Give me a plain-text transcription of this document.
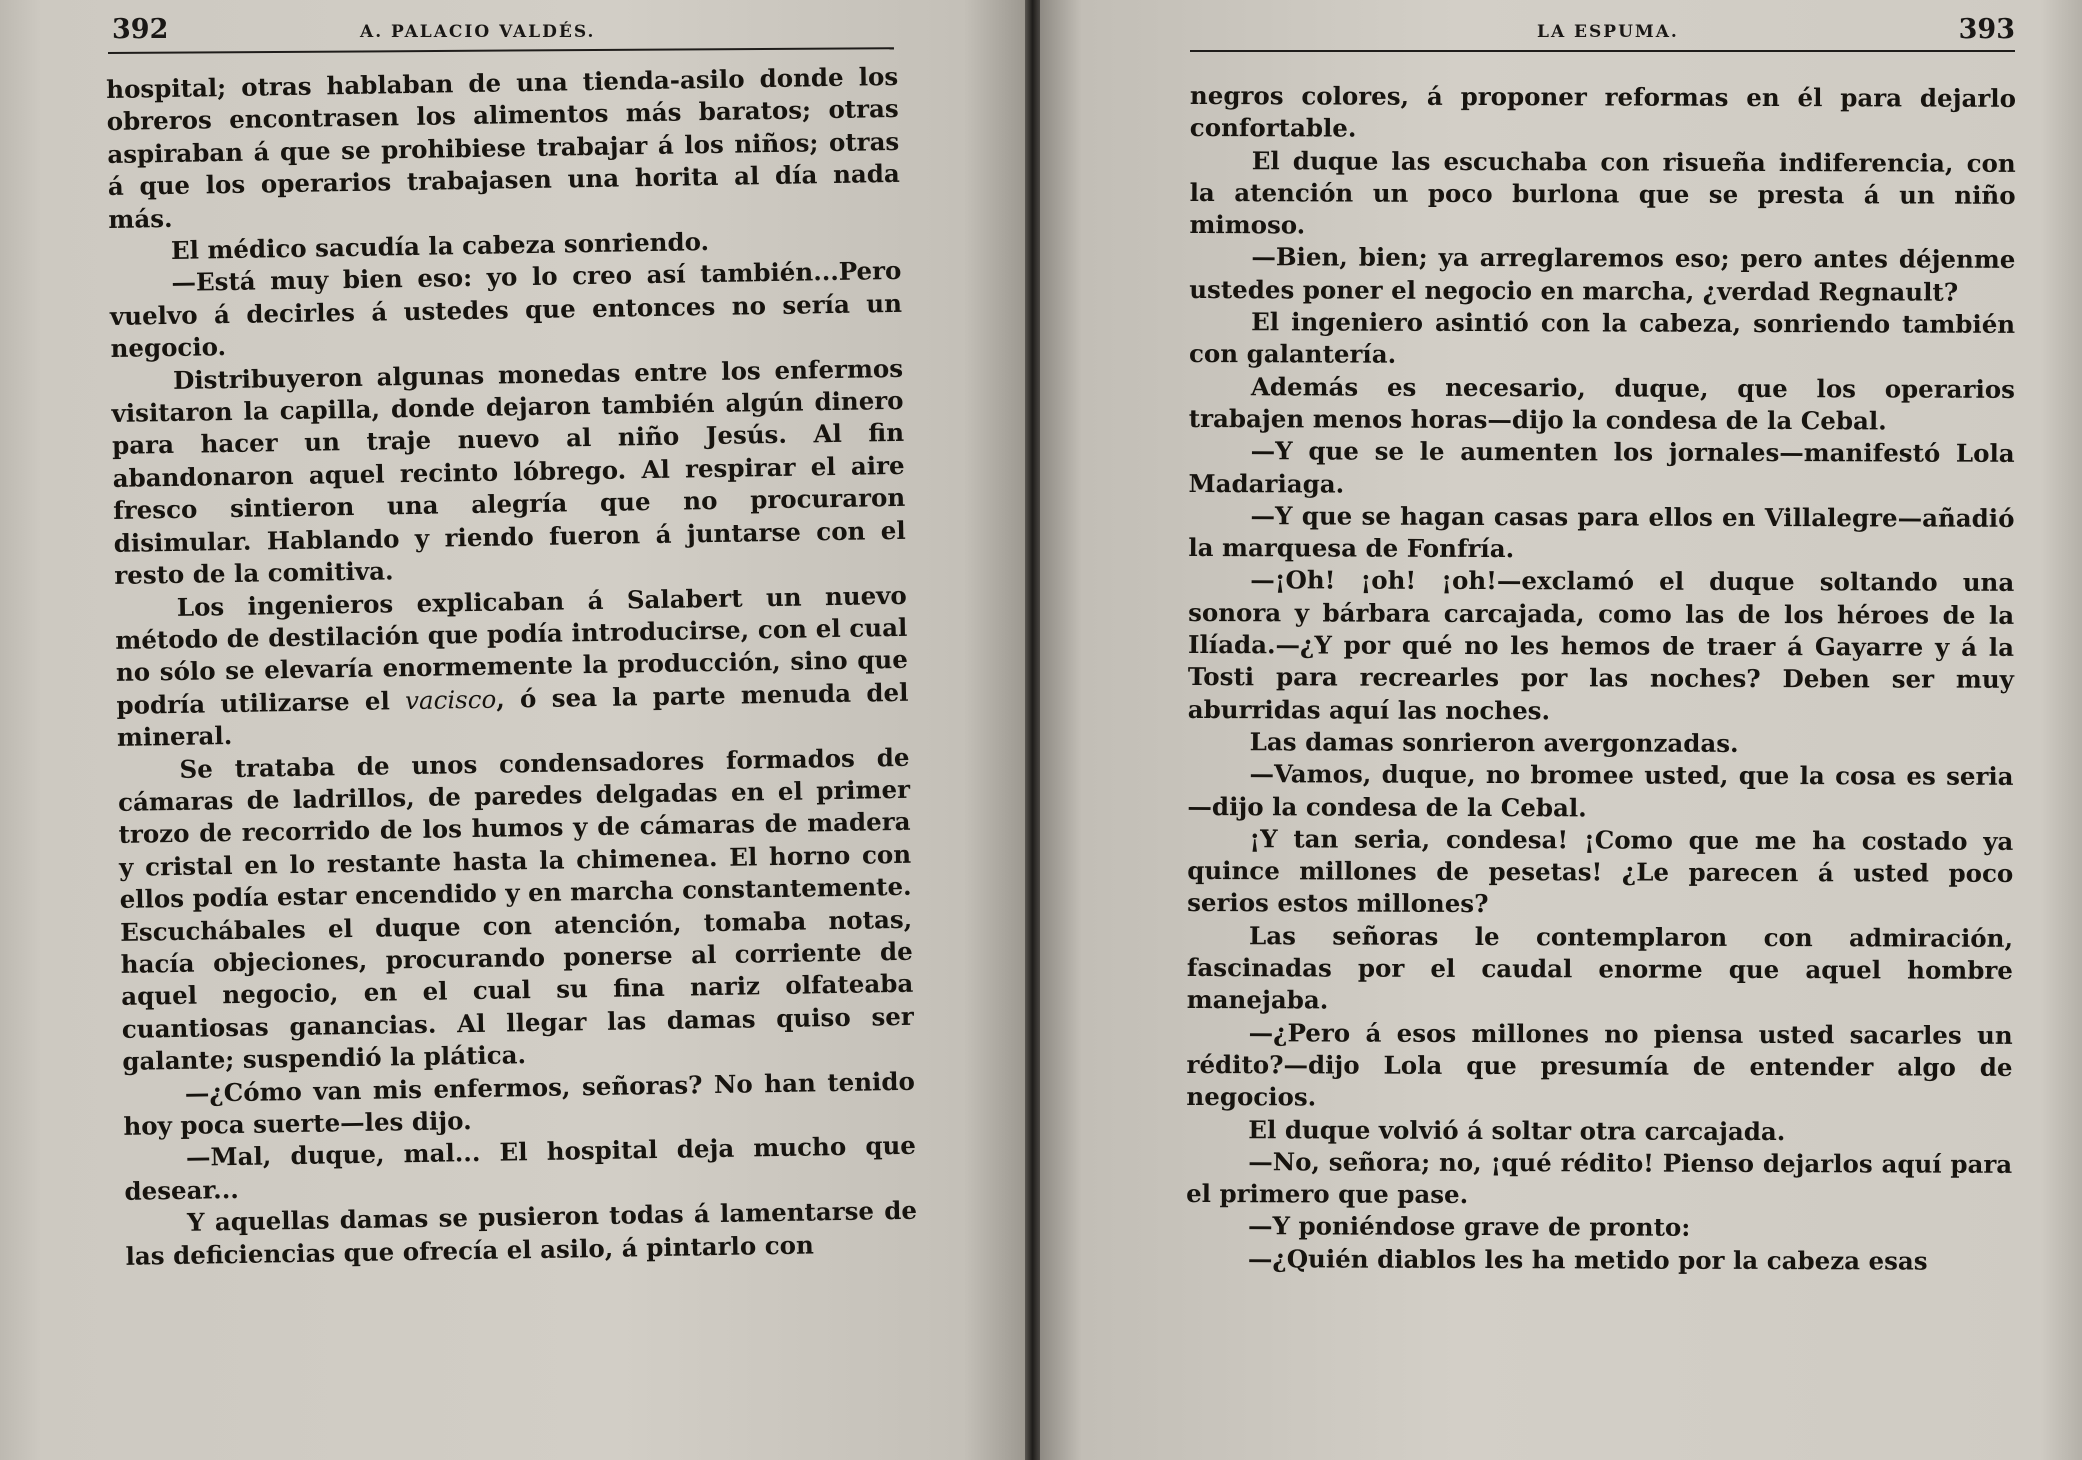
392	A. PALACIO VALDÉS.

hospital; otras hablaban de una tienda-asilo donde los obreros encontrasen los alimentos más baratos; otras aspiraban á que se prohibiese trabajar á los niños; otras á que los operarios trabajasen una horita al día nada más.

El médico sacudía la cabeza sonriendo.

—Está muy bien eso: yo lo creo así también...Pero vuelvo á decirles á ustedes que entonces no sería un negocio.

Distribuyeron algunas monedas entre los enfermos visitaron la capilla, donde dejaron también algún dinero para hacer un traje nuevo al niño Jesús. Al fin abandonaron aquel recinto lóbrego. Al respirar el aire fresco sintieron una alegría que no procuraron disimular. Hablando y riendo fueron á juntarse con el resto de la comitiva.

Los ingenieros explicaban á Salabert un nuevo método de destilación que podía introducirse, con el cual no sólo se elevaría enormemente la producción, sino que podría utilizarse el vacisco, ó sea la parte menuda del mineral.

Se trataba de unos condensadores formados de cámaras de ladrillos, de paredes delgadas en el primer trozo de recorrido de los humos y de cámaras de madera y cristal en lo restante hasta la chimenea. El horno con ellos podía estar encendido y en marcha constantemente. Escuchábales el duque con atención, tomaba notas, hacía objeciones, procurando ponerse al corriente de aquel negocio, en el cual su fina nariz olfateaba cuantiosas ganancias. Al llegar las damas quiso ser galante; suspendió la plática.

—¿Cómo van mis enfermos, señoras? No han tenido hoy poca suerte—les dijo.

—Mal, duque, mal... El hospital deja mucho que desear...

Y aquellas damas se pusieron todas á lamentarse de las deficiencias que ofrecía el asilo, á pintarlo con

LA ESPUMA.	393

negros colores, á proponer reformas en él para dejarlo confortable.

El duque las escuchaba con risueña indiferencia, con la atención un poco burlona que se presta á un niño mimoso.

—Bien, bien; ya arreglaremos eso; pero antes déjenme ustedes poner el negocio en marcha, ¿verdad Regnault?

El ingeniero asintió con la cabeza, sonriendo también con galantería.

Además es necesario, duque, que los operarios trabajen menos horas—dijo la condesa de la Cebal.

—Y que se le aumenten los jornales—manifestó Lola Madariaga.

—Y que se hagan casas para ellos en Villalegre—añadió la marquesa de Fonfría.

—¡Oh! ¡oh! ¡oh!—exclamó el duque soltando una sonora y bárbara carcajada, como las de los héroes de la Ilíada.—¿Y por qué no les hemos de traer á Gayarre y á la Tosti para recrearles por las noches? Deben ser muy aburridas aquí las noches.

Las damas sonrieron avergonzadas.

—Vamos, duque, no bromee usted, que la cosa es seria—dijo la condesa de la Cebal.

¡Y tan seria, condesa! ¡Como que me ha costado ya quince millones de pesetas! ¿Le parecen á usted poco serios estos millones?

Las señoras le contemplaron con admiración, fascinadas por el caudal enorme que aquel hombre manejaba.

—¿Pero á esos millones no piensa usted sacarles un rédito?—dijo Lola que presumía de entender algo de negocios.

El duque volvió á soltar otra carcajada.

—No, señora; no, ¡qué rédito! Pienso dejarlos aquí para el primero que pase.

—Y poniéndose grave de pronto:

—¿Quién diablos les ha metido por la cabeza esas
